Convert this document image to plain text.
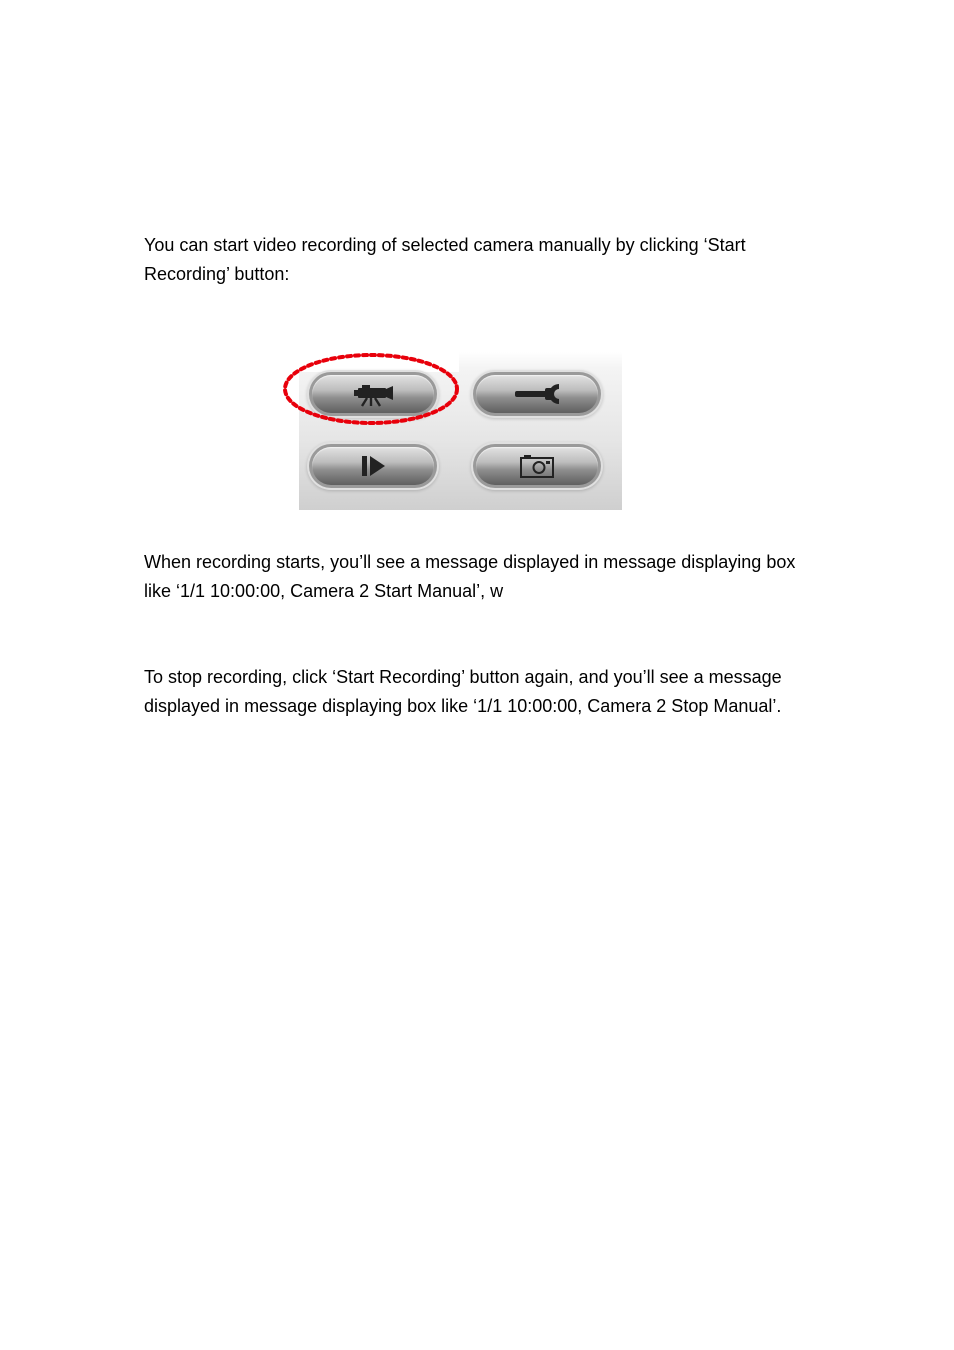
You can start video recording of selected camera manually by clicking ‘Start Recording’ button:

When recording starts, you’ll see a message displayed in message displaying box like ‘1/1 10:00:00, Camera 2 Start Manual’, w

To stop recording, click ‘Start Recording’ button again, and you’ll see a message displayed in message displaying box like ‘1/1 10:00:00, Camera 2 Stop Manual’.
